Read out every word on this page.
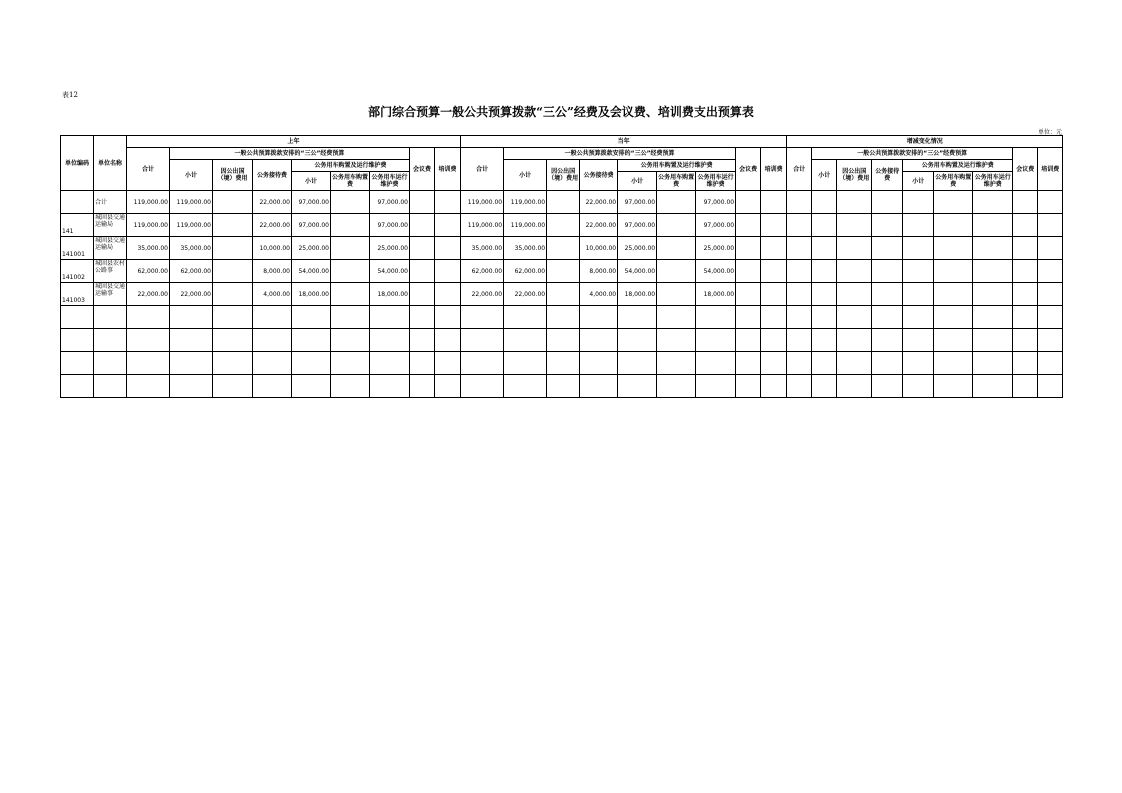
表12
部门综合预算一般公共预算拨款“三公”经费及会议费、培训费支出预算表
单位：元
单位编码	单位名称	上年									当年									增减变化情况								
		合计	一般公共预算拨款安排的“三公”经费预算						会议费	培训费	合计	一般公共预算拨款安排的“三公”经费预算						会议费	培训费	合计	一般公共预算拨款安排的“三公”经费预算						会议费	培训费
			小计	因公出国（境）费用	公务接待费	公务用车购置及运行维护费						小计	因公出国（境）费用	公务接待费	公务用车购置及运行维护费						小计	因公出国（境）费用	公务接待费	公务用车购置及运行维护费				
						小计	公务用车购置费	公务用车运行维护费							小计	公务用车购置费	公务用车运行维护费							小计	公务用车购置费	公务用车运行维护费		

	合计	119,000.00	119,000.00		22,000.00	97,000.00		97,000.00			119,000.00	119,000.00		22,000.00	97,000.00		97,000.00											
141	城固县交通运输局	119,000.00	119,000.00		22,000.00	97,000.00		97,000.00			119,000.00	119,000.00		22,000.00	97,000.00		97,000.00											
141001	城固县交通运输局	35,000.00	35,000.00		10,000.00	25,000.00		25,000.00			35,000.00	35,000.00		10,000.00	25,000.00		25,000.00											
141002	城固县农村公路事	62,000.00	62,000.00		8,000.00	54,000.00		54,000.00			62,000.00	62,000.00		8,000.00	54,000.00		54,000.00											
141003	城固县交通运输事	22,000.00	22,000.00		4,000.00	18,000.00		18,000.00			22,000.00	22,000.00		4,000.00	18,000.00		18,000.00											
